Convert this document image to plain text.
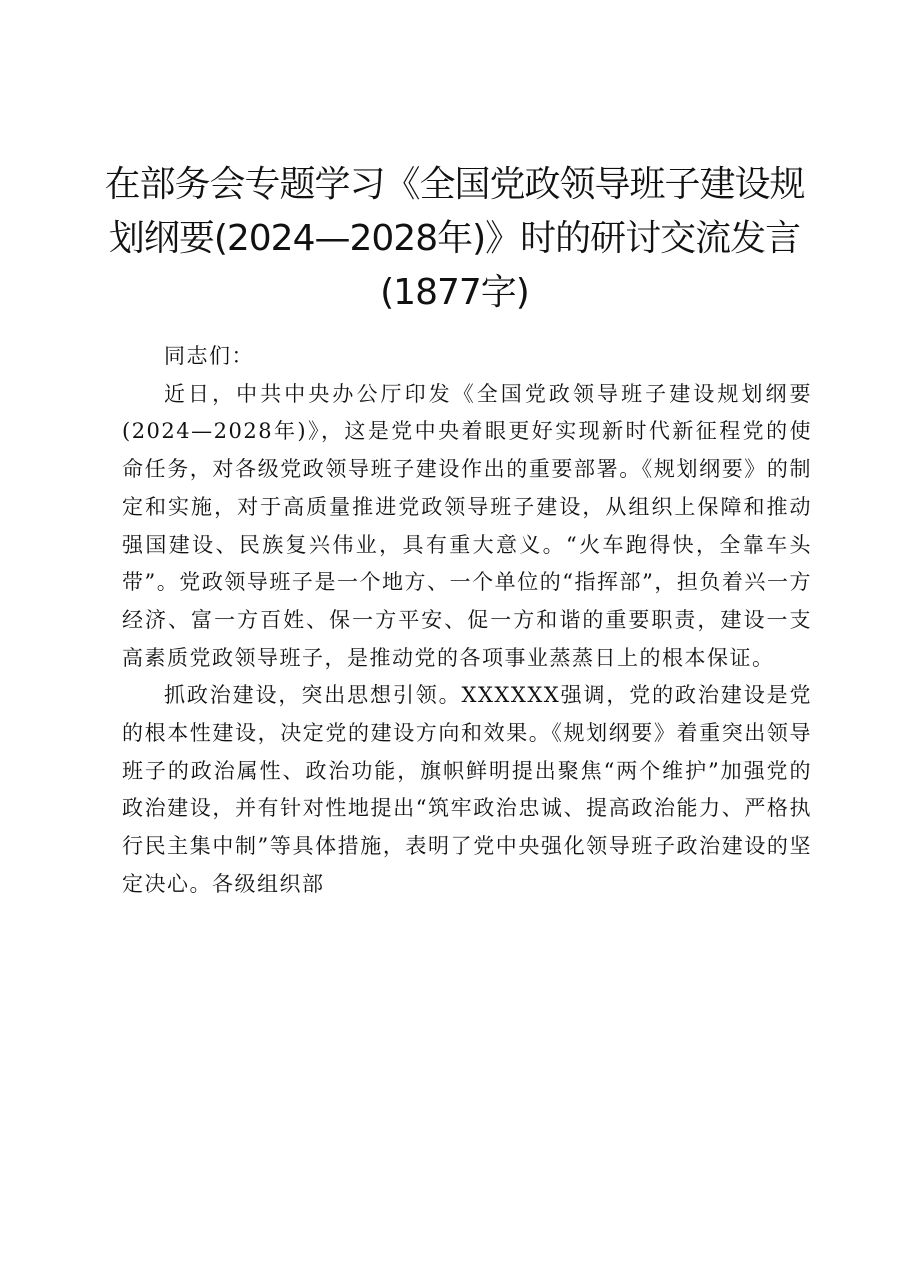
在部务会专题学习《全国党政领导班子建设规
划纲要(2024—2028年)》时的研讨交流发言
(1877字)

同志们：

近日，中共中央办公厅印发《全国党政领导班子建设规划纲要(2024—2028年)》，这是党中央着眼更好实现新时代新征程党的使命任务，对各级党政领导班子建设作出的重要部署。《规划纲要》的制定和实施，对于高质量推进党政领导班子建设，从组织上保障和推动强国建设、民族复兴伟业，具有重大意义。“火车跑得快，全靠车头带”。党政领导班子是一个地方、一个单位的“指挥部”，担负着兴一方经济、富一方百姓、保一方平安、促一方和谐的重要职责，建设一支高素质党政领导班子，是推动党的各项事业蒸蒸日上的根本保证。

抓政治建设，突出思想引领。XXXXXX强调，党的政治建设是党的根本性建设，决定党的建设方向和效果。《规划纲要》着重突出领导班子的政治属性、政治功能，旗帜鲜明提出聚焦“两个维护”加强党的政治建设，并有针对性地提出“筑牢政治忠诚、提高政治能力、严格执行民主集中制”等具体措施，表明了党中央强化领导班子政治建设的坚定决心。各级组织部
